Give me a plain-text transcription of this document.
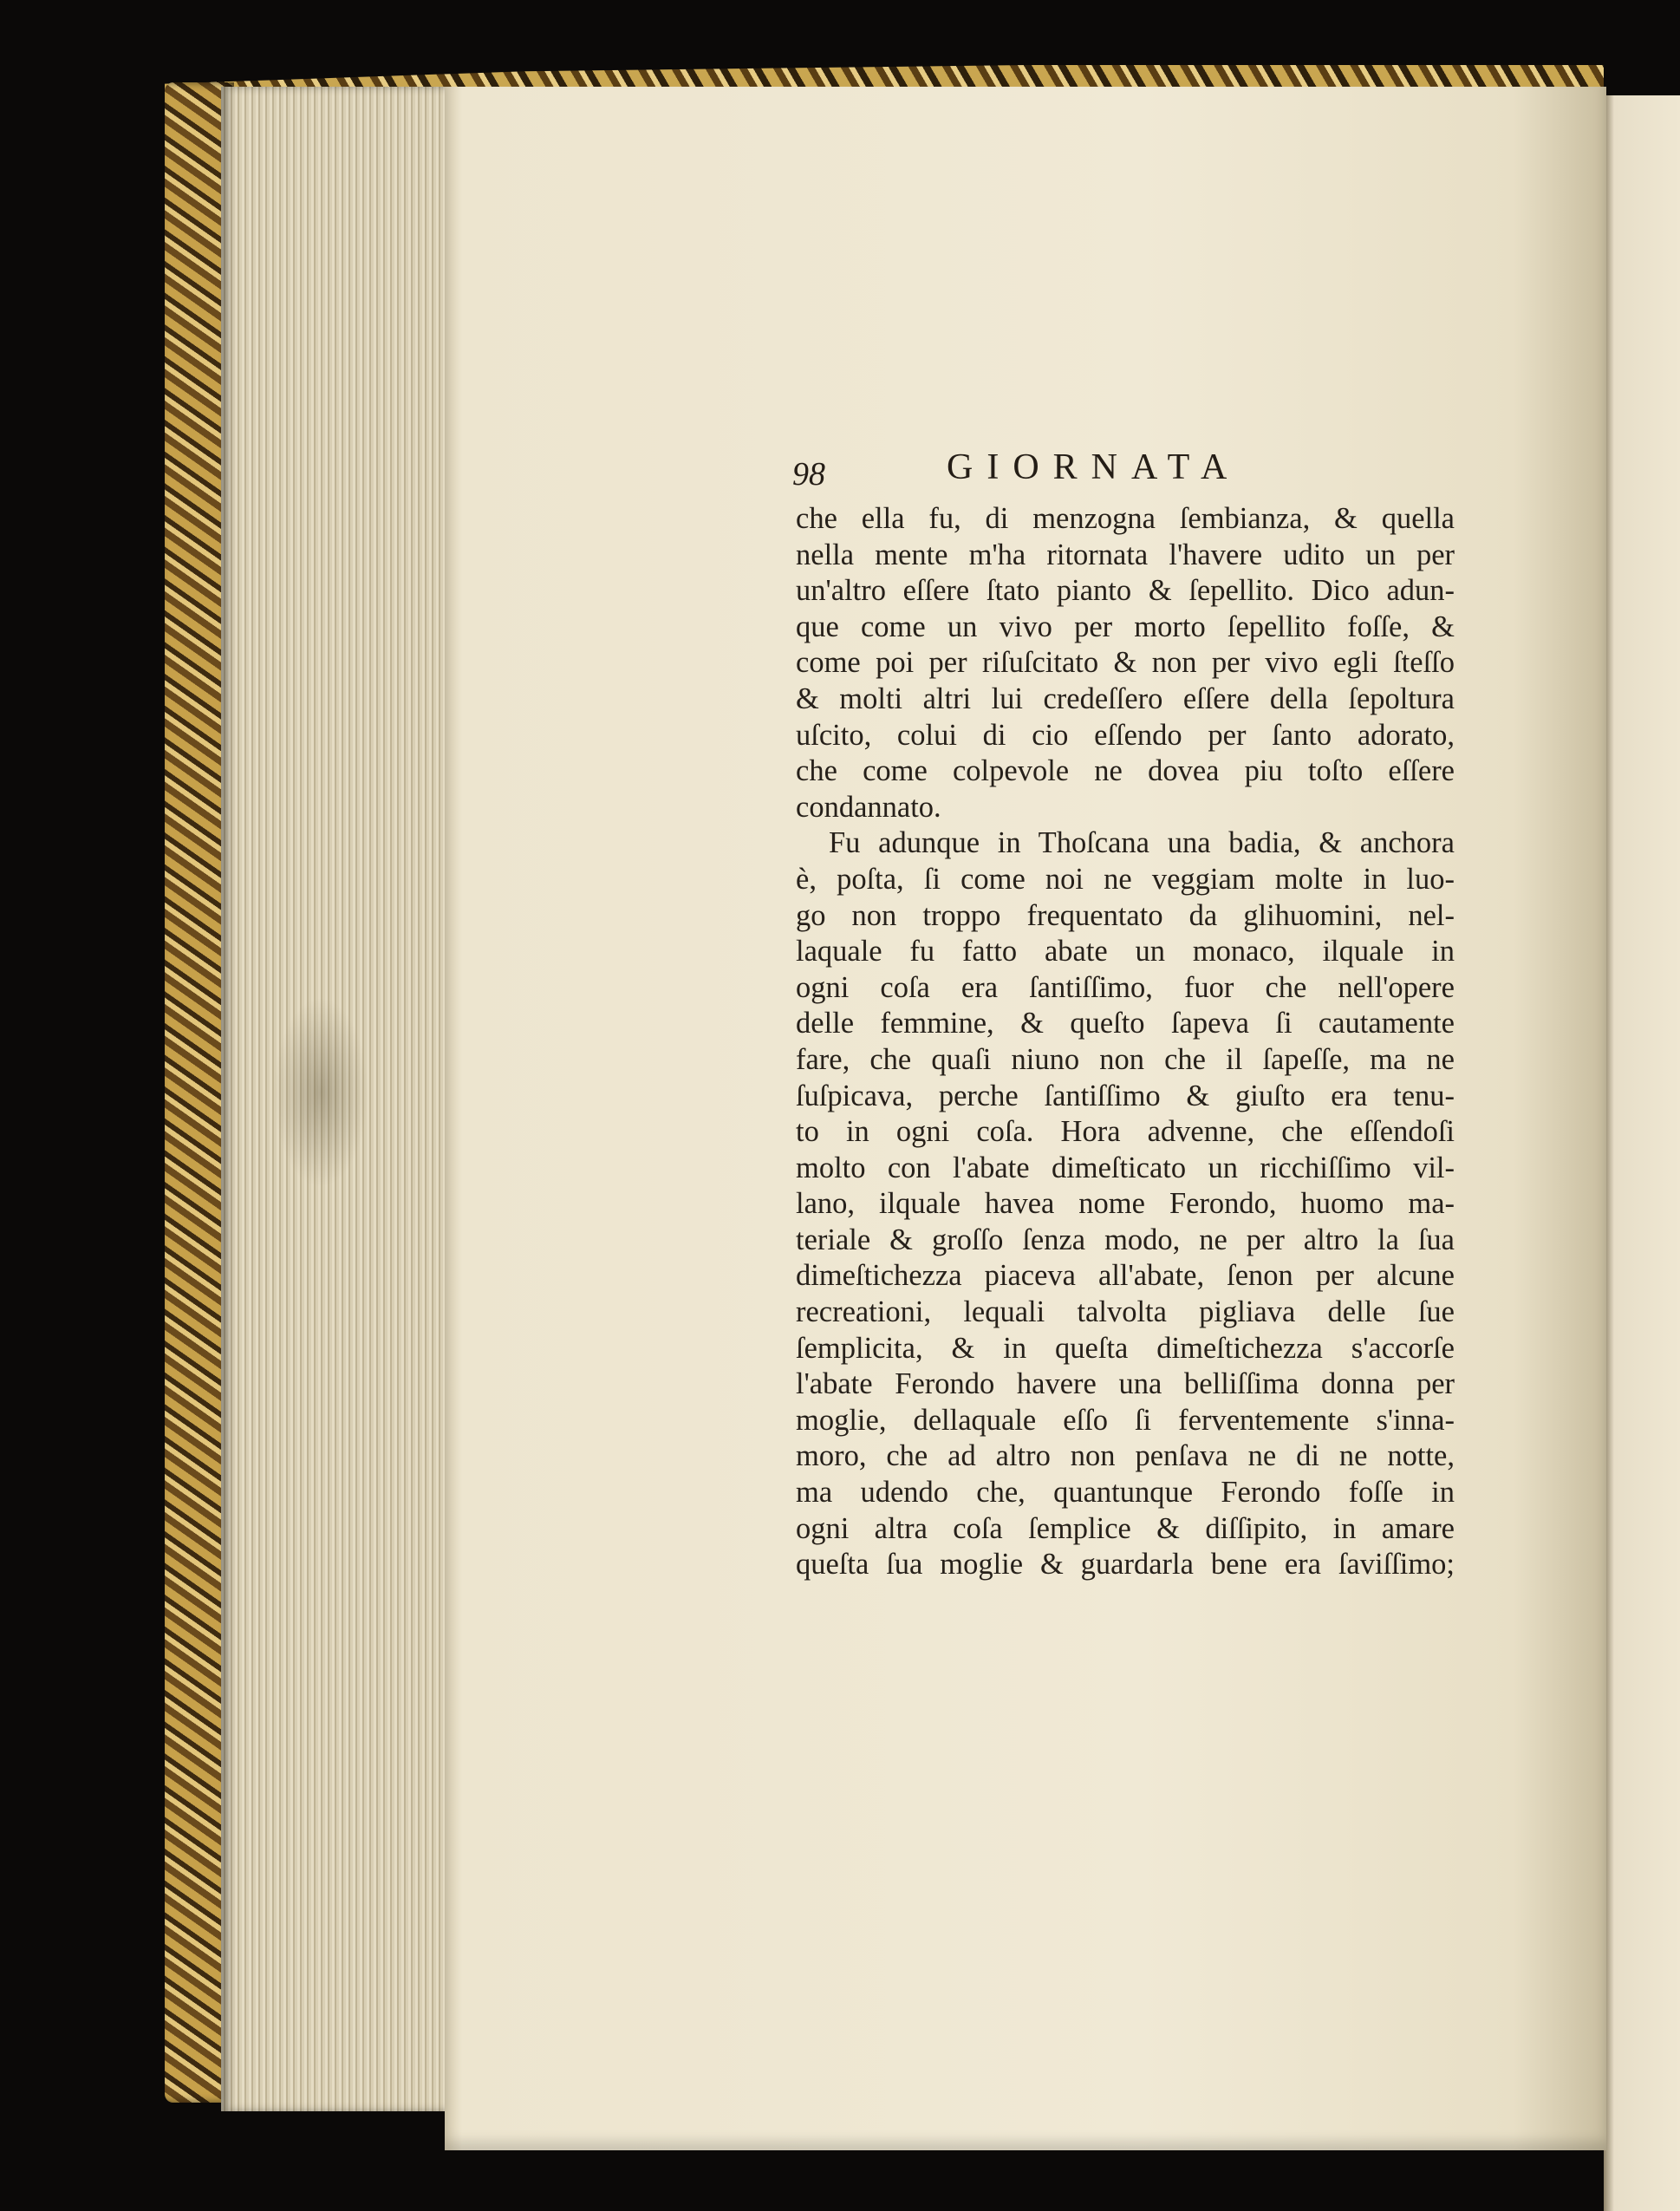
98	GIORNATA
che ella fu, di menzogna ſembianza, & quella
nella mente m'ha ritornata l'havere udito un per
un'altro eſſere ſtato pianto & ſepellito. Dico adun-
que come un vivo per morto ſepellito foſſe, &
come poi per riſuſcitato & non per vivo egli ſteſſo
& molti altri lui credeſſero eſſere della ſepoltura
uſcito, colui di cio eſſendo per ſanto adorato,
che come colpevole ne dovea piu toſto eſſere
condannato.
Fu adunque in Thoſcana una badia, & anchora
è, poſta, ſi come noi ne veggiam molte in luo-
go non troppo frequentato da glihuomini, nel-
laquale fu fatto abate un monaco, ilquale in
ogni coſa era ſantiſſimo, fuor che nell'opere
delle femmine, & queſto ſapeva ſi cautamente
fare, che quaſi niuno non che il ſapeſſe, ma ne
ſuſpicava, perche ſantiſſimo & giuſto era tenu-
to in ogni coſa. Hora advenne, che eſſendoſi
molto con l'abate dimeſticato un ricchiſſimo vil-
lano, ilquale havea nome Ferondo, huomo ma-
teriale & groſſo ſenza modo, ne per altro la ſua
dimeſtichezza piaceva all'abate, ſenon per alcune
recreationi, lequali talvolta pigliava delle ſue
ſemplicita, & in queſta dimeſtichezza s'accorſe
l'abate Ferondo havere una belliſſima donna per
moglie, dellaquale eſſo ſi ferventemente s'inna-
moro, che ad altro non penſava ne di ne notte,
ma udendo che, quantunque Ferondo foſſe in
ogni altra coſa ſemplice & diſſipito, in amare
queſta ſua moglie & guardarla bene era ſaviſſimo;
